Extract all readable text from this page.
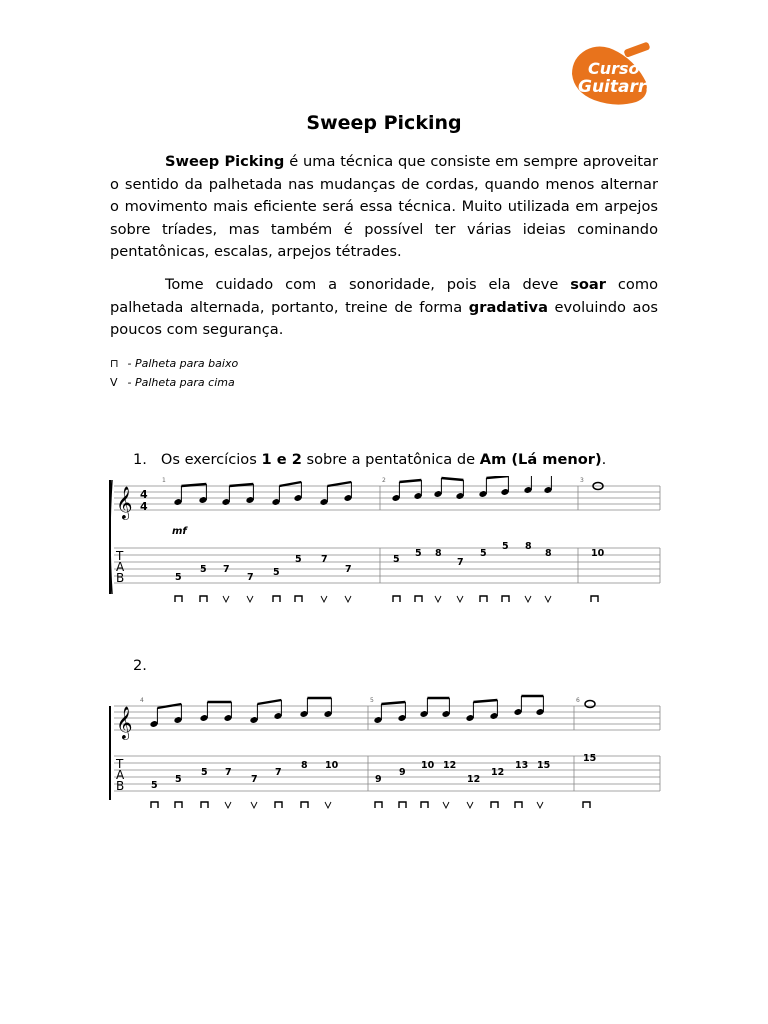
Curso
Guitarra
Sweep Picking
Sweep Picking é uma técnica que consiste em sempre aproveitar o sentido da palhetada nas mudanças de cordas, quando menos alternar o movimento mais eficiente será essa técnica. Muito utilizada em arpejos sobre tríades, mas também é possível ter várias ideias cominando pentatônicas, escalas, arpejos tétrades.
Tome cuidado com a sonoridade, pois ela deve soar como palhetada alternada, portanto, treine de forma gradativa evoluindo aos poucos com segurança.
⊓ - Palheta para baixo
V - Palheta para cima
1. Os exercícios 1 e 2 sobre a pentatônica de Am (Lá menor).
𝄞 4
4
1	2	3
mf
T
A
B	5
5 7
7 5
5 7
7
5
5 8
7
5
5 8
8	10
2.
𝄞
4	5	6
T
A
B	5
5
5 7
7
7
8 10
9
9
10 12
12
12
13 15
15
